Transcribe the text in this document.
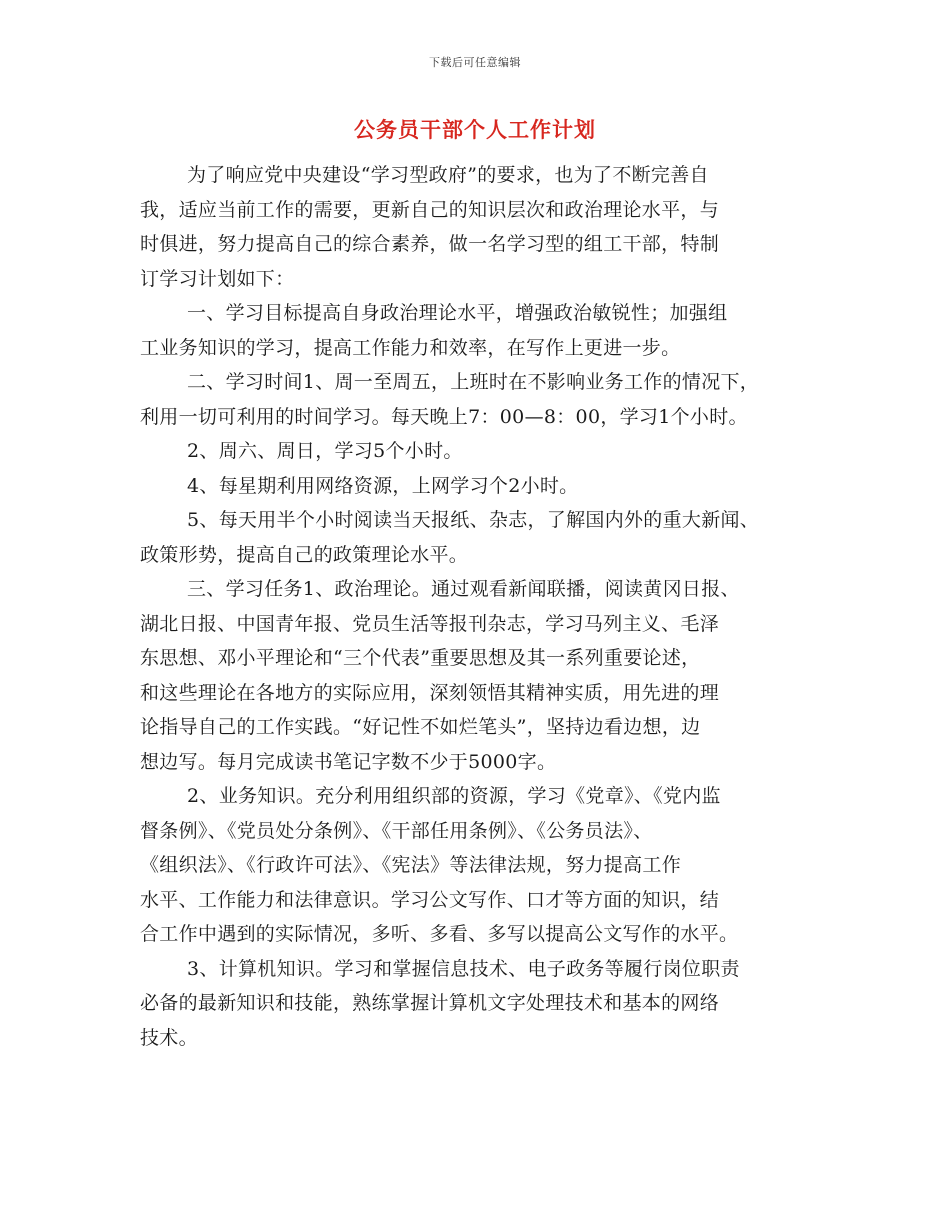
下载后可任意编辑
公务员干部个人工作计划
为了响应党中央建设“学习型政府”的要求，也为了不断完善自
我，适应当前工作的需要，更新自己的知识层次和政治理论水平，与
时俱进，努力提高自己的综合素养，做一名学习型的组工干部，特制
订学习计划如下：
一、学习目标提高自身政治理论水平，增强政治敏锐性；加强组
工业务知识的学习，提高工作能力和效率，在写作上更进一步。
二、学习时间1、周一至周五，上班时在不影响业务工作的情况下，
利用一切可利用的时间学习。每天晚上7：00—8：00，学习1个小时。
2、周六、周日，学习5个小时。
4、每星期利用网络资源，上网学习个2小时。
5、每天用半个小时阅读当天报纸、杂志，了解国内外的重大新闻、
政策形势，提高自己的政策理论水平。
三、学习任务1、政治理论。通过观看新闻联播，阅读黄冈日报、
湖北日报、中国青年报、党员生活等报刊杂志，学习马列主义、毛泽
东思想、邓小平理论和“三个代表”重要思想及其一系列重要论述，
和这些理论在各地方的实际应用，深刻领悟其精神实质，用先进的理
论指导自己的工作实践。“好记性不如烂笔头”，坚持边看边想，边
想边写。每月完成读书笔记字数不少于5000字。
2、业务知识。充分利用组织部的资源，学习《党章》、《党内监
督条例》、《党员处分条例》、《干部任用条例》、《公务员法》、
《组织法》、《行政许可法》、《宪法》等法律法规，努力提高工作
水平、工作能力和法律意识。学习公文写作、口才等方面的知识，结
合工作中遇到的实际情况，多听、多看、多写以提高公文写作的水平。
3、计算机知识。学习和掌握信息技术、电子政务等履行岗位职责
必备的最新知识和技能，熟练掌握计算机文字处理技术和基本的网络
技术。
